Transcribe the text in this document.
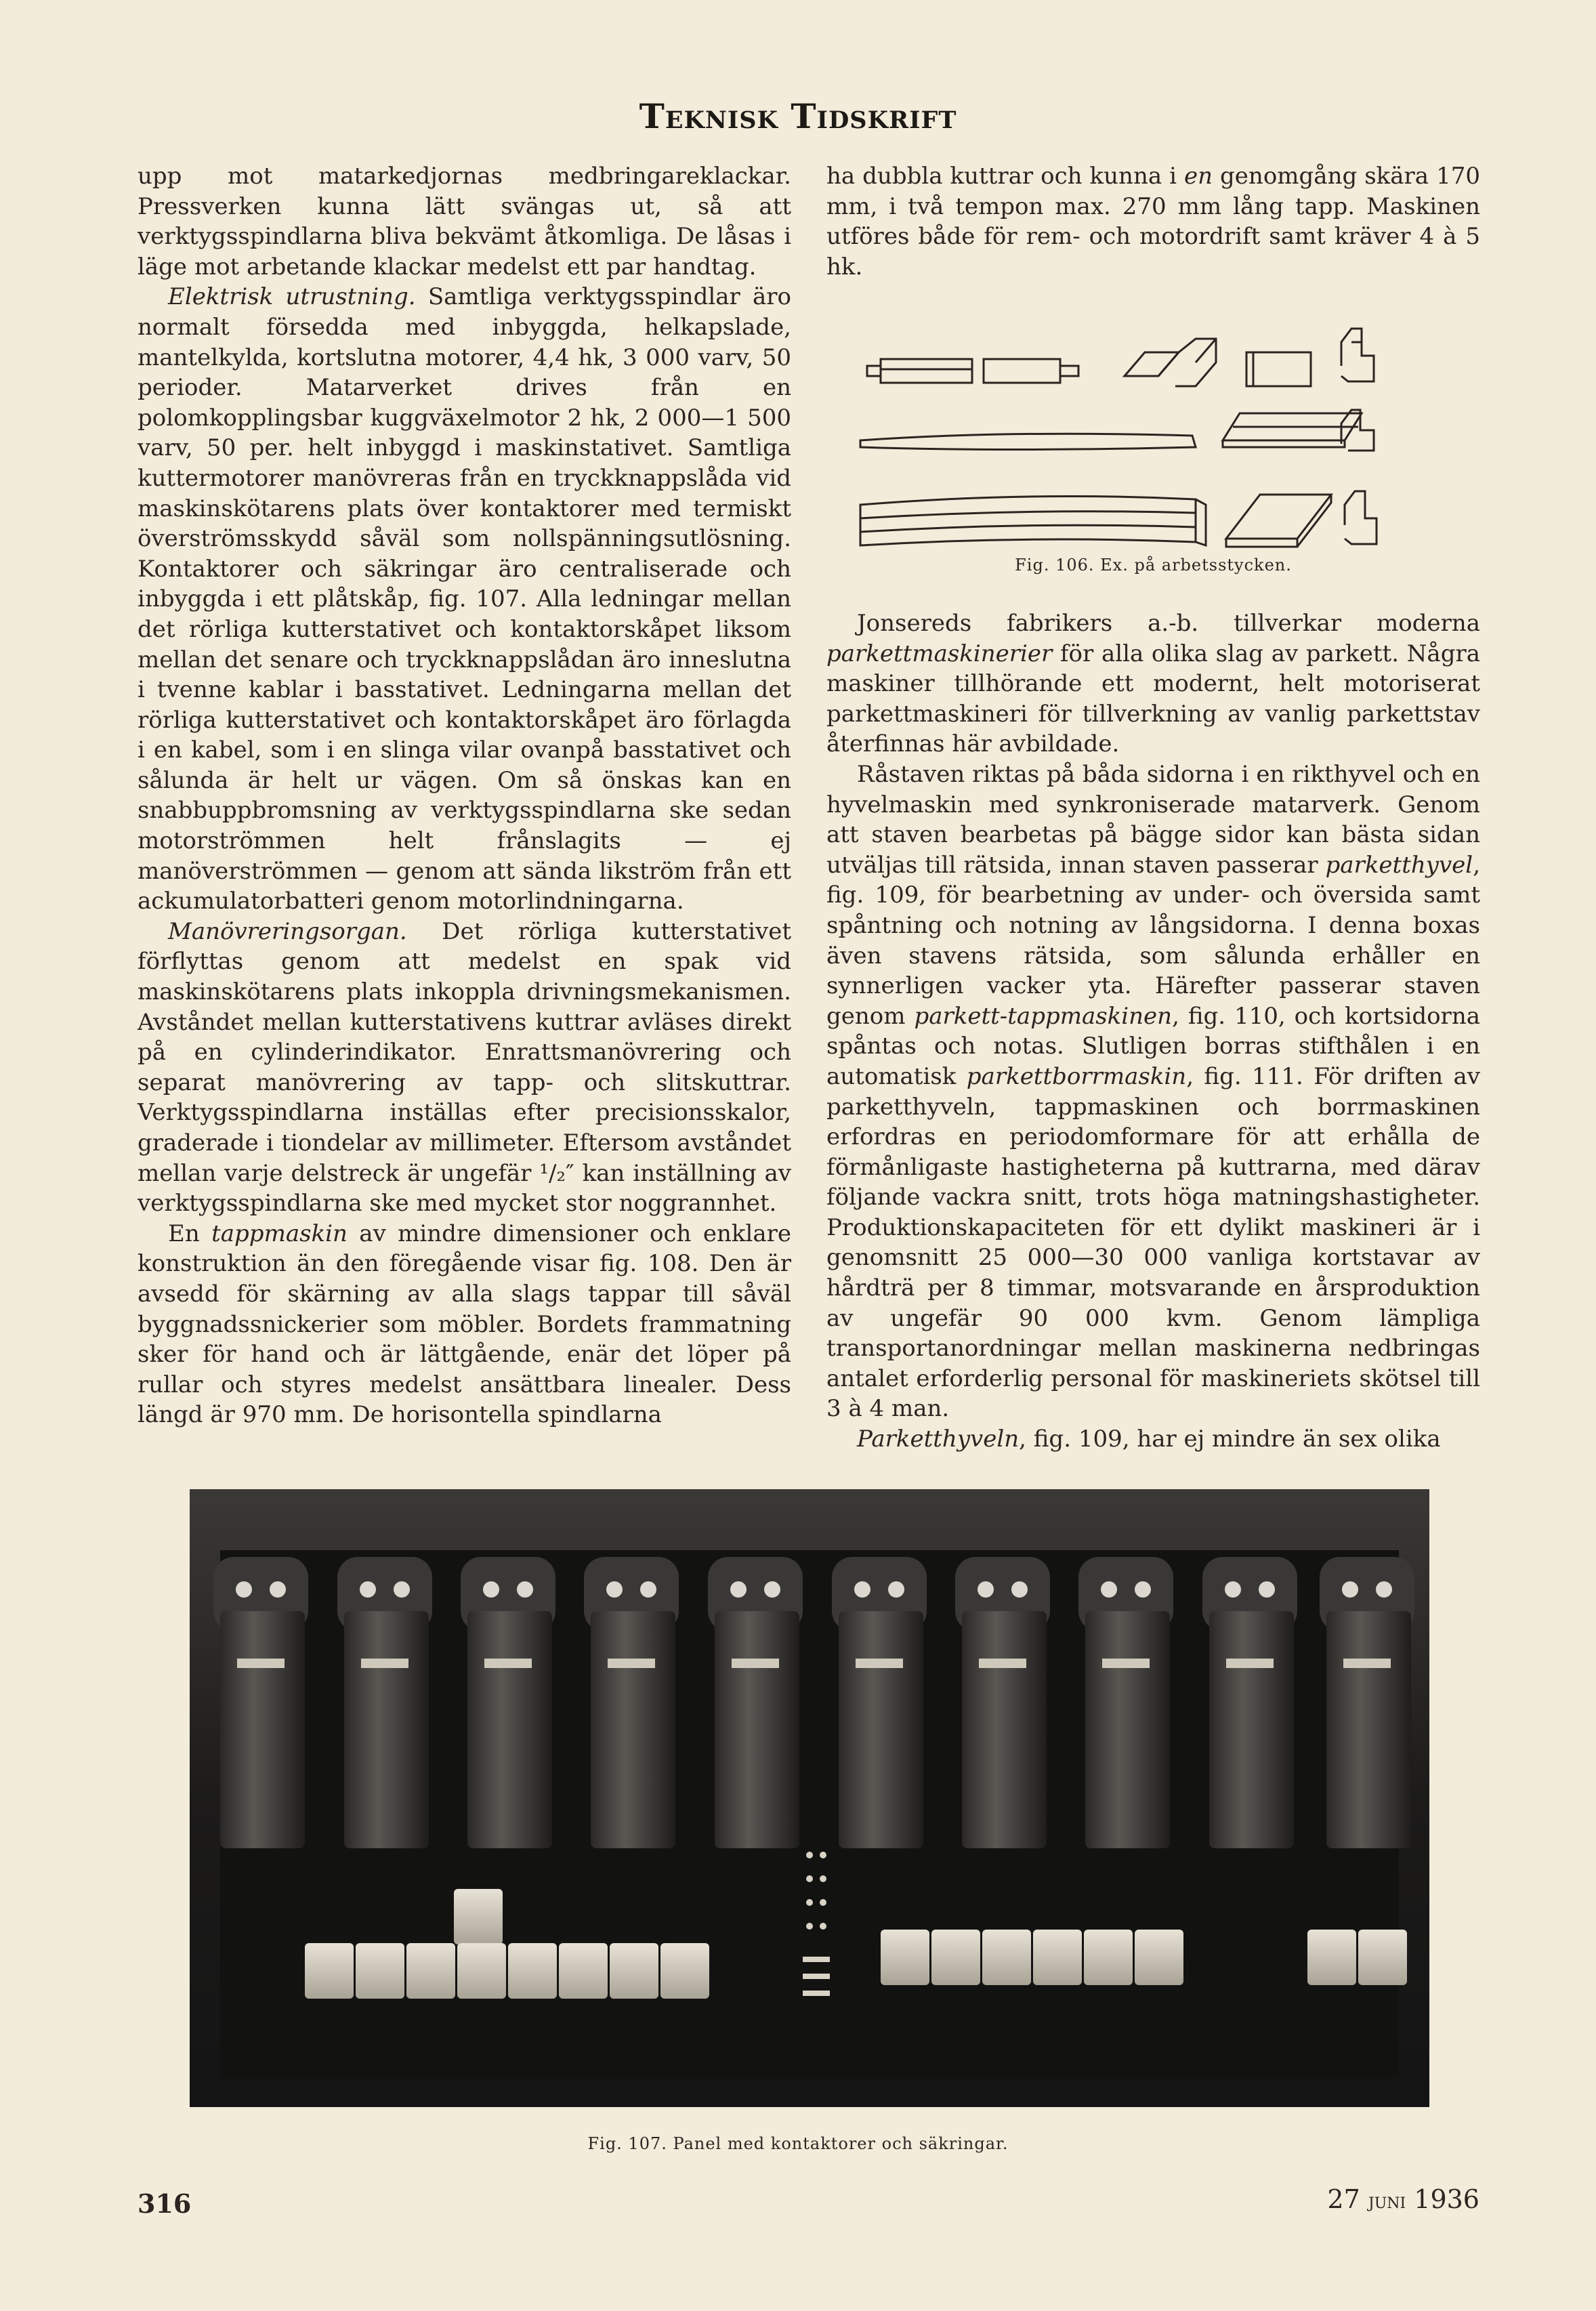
Teknisk Tidskrift

upp mot matarkedjornas medbringareklackar. Pressverken kunna lätt svängas ut, så att verktygsspindlarna bliva bekvämt åtkomliga. De låsas i läge mot arbetande klackar medelst ett par handtag.

Elektrisk utrustning. Samtliga verktygsspindlar äro normalt försedda med inbyggda, helkapslade, mantelkylda, kortslutna motorer, 4,4 hk, 3 000 varv, 50 perioder. Matarverket drives från en polomkopplingsbar kuggväxelmotor 2 hk, 2 000—1 500 varv, 50 per. helt inbyggd i maskinstativet. Samtliga kuttermotorer manövreras från en tryckknappslåda vid maskinskötarens plats över kontaktorer med termiskt överströmsskydd såväl som nollspänningsutlösning. Kontaktorer och säkringar äro centraliserade och inbyggda i ett plåtskåp, fig. 107. Alla ledningar mellan det rörliga kutterstativet och kontaktorskåpet liksom mellan det senare och tryckknappslådan äro inneslutna i tvenne kablar i basstativet. Ledningarna mellan det rörliga kutterstativet och kontaktorskåpet äro förlagda i en kabel, som i en slinga vilar ovanpå basstativet och sålunda är helt ur vägen. Om så önskas kan en snabbuppbromsning av verktygsspindlarna ske sedan motorströmmen helt frånslagits — ej manöverströmmen — genom att sända likström från ett ackumulatorbatteri genom motorlindningarna.

Manövreringsorgan. Det rörliga kutterstativet förflyttas genom att medelst en spak vid maskinskötarens plats inkoppla drivningsmekanismen. Avståndet mellan kutterstativens kuttrar avläses direkt på en cylinderindikator. Enrattsmanövrering och separat manövrering av tapp- och slitskuttrar. Verktygsspindlarna inställas efter precisionsskalor, graderade i tiondelar av millimeter. Eftersom avståndet mellan varje delstreck är ungefär ¹/₂″ kan inställning av verktygsspindlarna ske med mycket stor noggrannhet.

En tappmaskin av mindre dimensioner och enklare konstruktion än den föregående visar fig. 108. Den är avsedd för skärning av alla slags tappar till såväl byggnadssnickerier som möbler. Bordets frammatning sker för hand och är lättgående, enär det löper på rullar och styres medelst ansättbara linealer. Dess längd är 970 mm. De horisontella spindlarna

ha dubbla kuttrar och kunna i en genomgång skära 170 mm, i två tempon max. 270 mm lång tapp. Maskinen utföres både för rem- och motordrift samt kräver 4 à 5 hk.

Fig. 106. Ex. på arbetsstycken.

Jonsereds fabrikers a.-b. tillverkar moderna parkettmaskinerier för alla olika slag av parkett. Några maskiner tillhörande ett modernt, helt motoriserat parkettmaskineri för tillverkning av vanlig parkettstav återfinnas här avbildade.

Råstaven riktas på båda sidorna i en rikthyvel och en hyvelmaskin med synkroniserade matarverk. Genom att staven bearbetas på bägge sidor kan bästa sidan utväljas till rätsida, innan staven passerar parketthyvel, fig. 109, för bearbetning av under- och översida samt spåntning och notning av långsidorna. I denna boxas även stavens rätsida, som sålunda erhåller en synnerligen vacker yta. Härefter passerar staven genom parkett-tappmaskinen, fig. 110, och kortsidorna spåntas och notas. Slutligen borras stifthålen i en automatisk parkettborrmaskin, fig. 111. För driften av parketthyveln, tappmaskinen och borrmaskinen erfordras en periodomformare för att erhålla de förmånligaste hastigheterna på kuttrarna, med därav följande vackra snitt, trots höga matningshastigheter. Produktionskapaciteten för ett dylikt maskineri är i genomsnitt 25 000—30 000 vanliga kortstavar av hårdträ per 8 timmar, motsvarande en årsproduktion av ungefär 90 000 kvm. Genom lämpliga transportanordningar mellan maskinerna nedbringas antalet erforderlig personal för maskineriets skötsel till 3 à 4 man.

Parketthyveln, fig. 109, har ej mindre än sex olika

Fig. 107. Panel med kontaktorer och säkringar.
316	27 juni 1936
